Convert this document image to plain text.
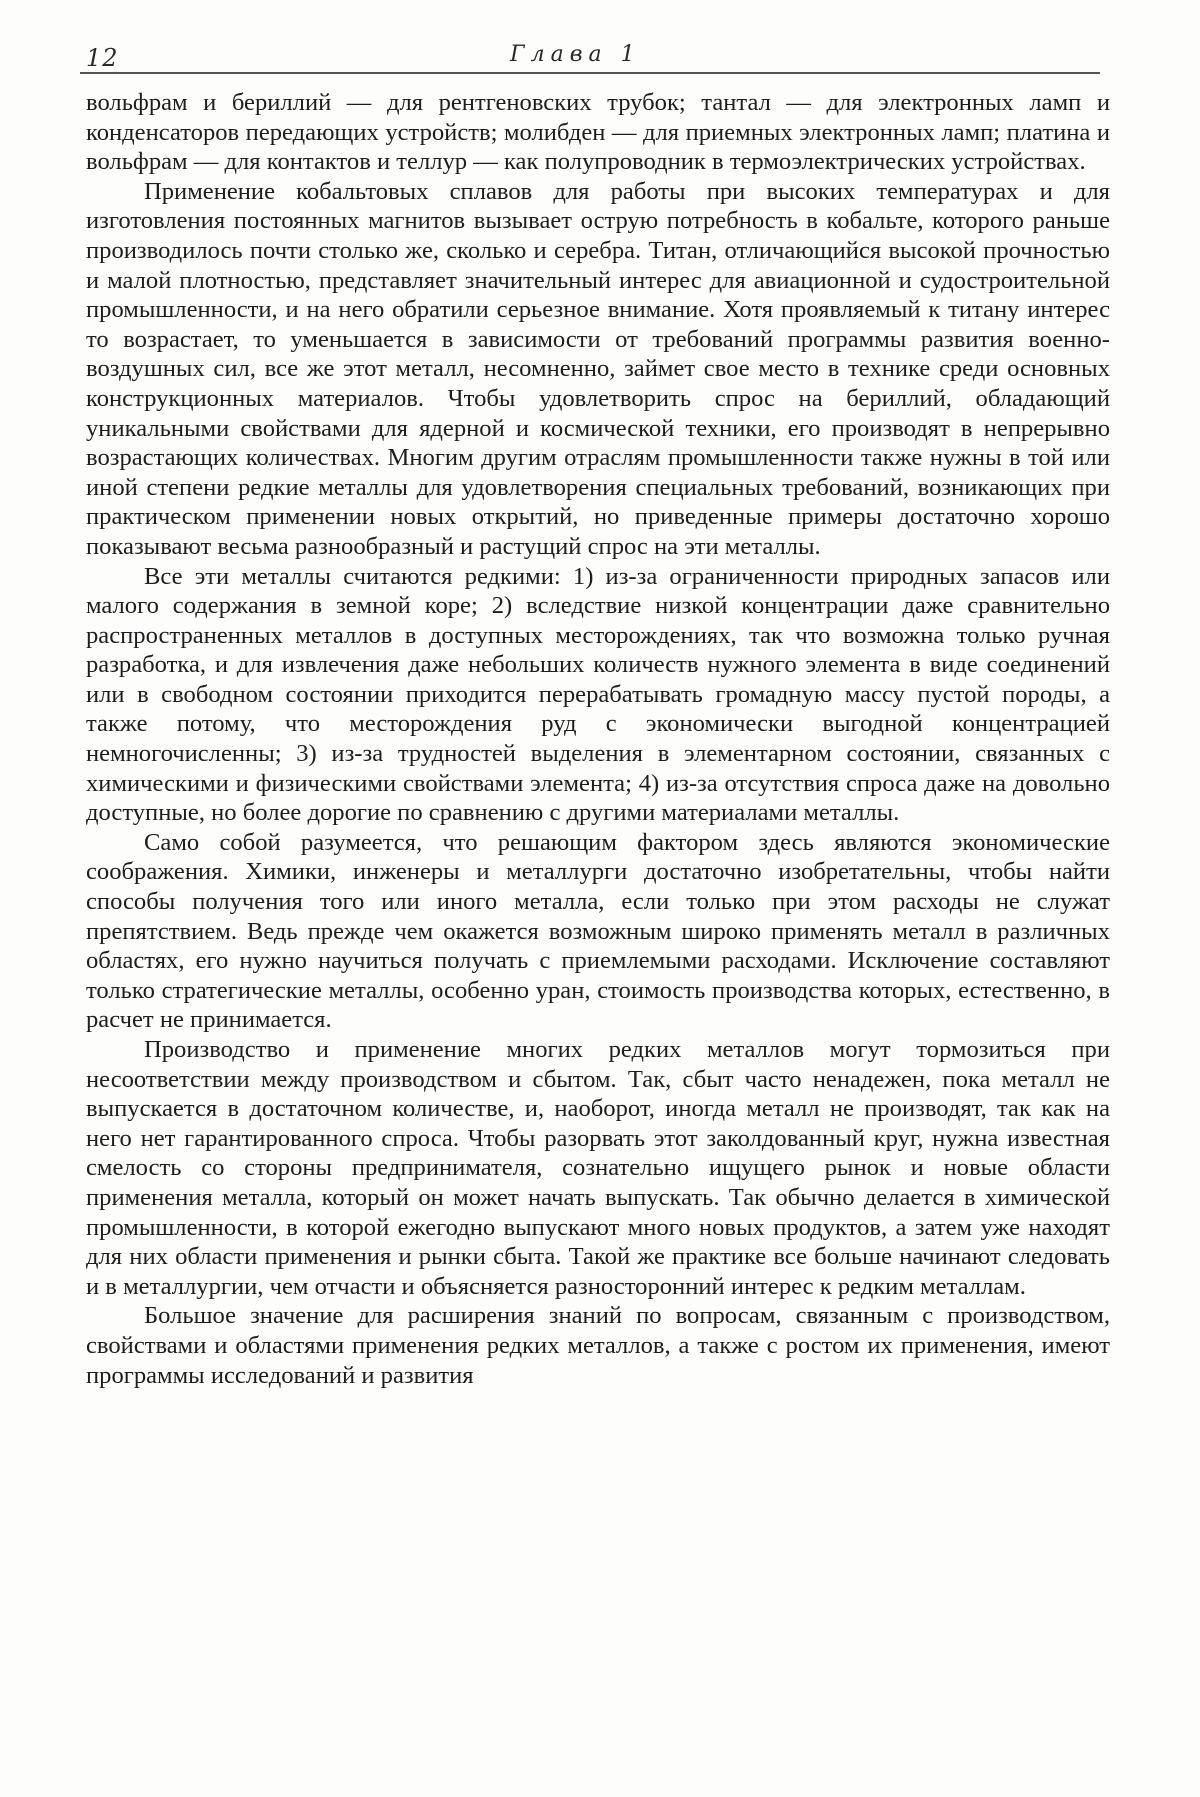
12	Глава 1

вольфрам и бериллий — для рентгеновских трубок; тантал — для электронных ламп и конденсаторов передающих устройств; молибден — для приемных электронных ламп; платина и вольфрам — для контактов и теллур — как полупроводник в термоэлектрических устройствах.

Применение кобальтовых сплавов для работы при высоких температурах и для изготовления постоянных магнитов вызывает острую потребность в кобальте, которого раньше производилось почти столько же, сколько и серебра. Титан, отличающийся высокой прочностью и малой плотностью, представляет значительный интерес для авиационной и судостроительной промышленности, и на него обратили серьезное внимание. Хотя проявляемый к титану интерес то возрастает, то уменьшается в зависимости от требований программы развития военно-воздушных сил, все же этот металл, несомненно, займет свое место в технике среди основных конструкционных материалов. Чтобы удовлетворить спрос на бериллий, обладающий уникальными свойствами для ядерной и космической техники, его производят в непрерывно возрастающих количествах. Многим другим отраслям промышленности также нужны в той или иной степени редкие металлы для удовлетворения специальных требований, возникающих при практическом применении новых открытий, но приведенные примеры достаточно хорошо показывают весьма разнообразный и растущий спрос на эти металлы.

Все эти металлы считаются редкими: 1) из-за ограниченности природных запасов или малого содержания в земной коре; 2) вследствие низкой концентрации даже сравнительно распространенных металлов в доступных месторождениях, так что возможна только ручная разработка, и для извлечения даже небольших количеств нужного элемента в виде соединений или в свободном состоянии приходится перерабатывать громадную массу пустой породы, а также потому, что месторождения руд с экономически выгодной концентрацией немногочисленны; 3) из-за трудностей выделения в элементарном состоянии, связанных с химическими и физическими свойствами элемента; 4) из-за отсутствия спроса даже на довольно доступные, но более дорогие по сравнению с другими материалами металлы.

Само собой разумеется, что решающим фактором здесь являются экономические соображения. Химики, инженеры и металлурги достаточно изобретательны, чтобы найти способы получения того или иного металла, если только при этом расходы не служат препятствием. Ведь прежде чем окажется возможным широко применять металл в различных областях, его нужно научиться получать с приемлемыми расходами. Исключение составляют только стратегические металлы, особенно уран, стоимость производства которых, естественно, в расчет не принимается.

Производство и применение многих редких металлов могут тормозиться при несоответствии между производством и сбытом. Так, сбыт часто ненадежен, пока металл не выпускается в достаточном количестве, и, наоборот, иногда металл не производят, так как на него нет гарантированного спроса. Чтобы разорвать этот заколдованный круг, нужна известная смелость со стороны предпринимателя, сознательно ищущего рынок и новые области применения металла, который он может начать выпускать. Так обычно делается в химической промышленности, в которой ежегодно выпускают много новых продуктов, а затем уже находят для них области применения и рынки сбыта. Такой же практике все больше начинают следовать и в металлургии, чем отчасти и объясняется разносторонний интерес к редким металлам.

Большое значение для расширения знаний по вопросам, связанным с производством, свойствами и областями применения редких металлов, а также с ростом их применения, имеют программы исследований и развития
